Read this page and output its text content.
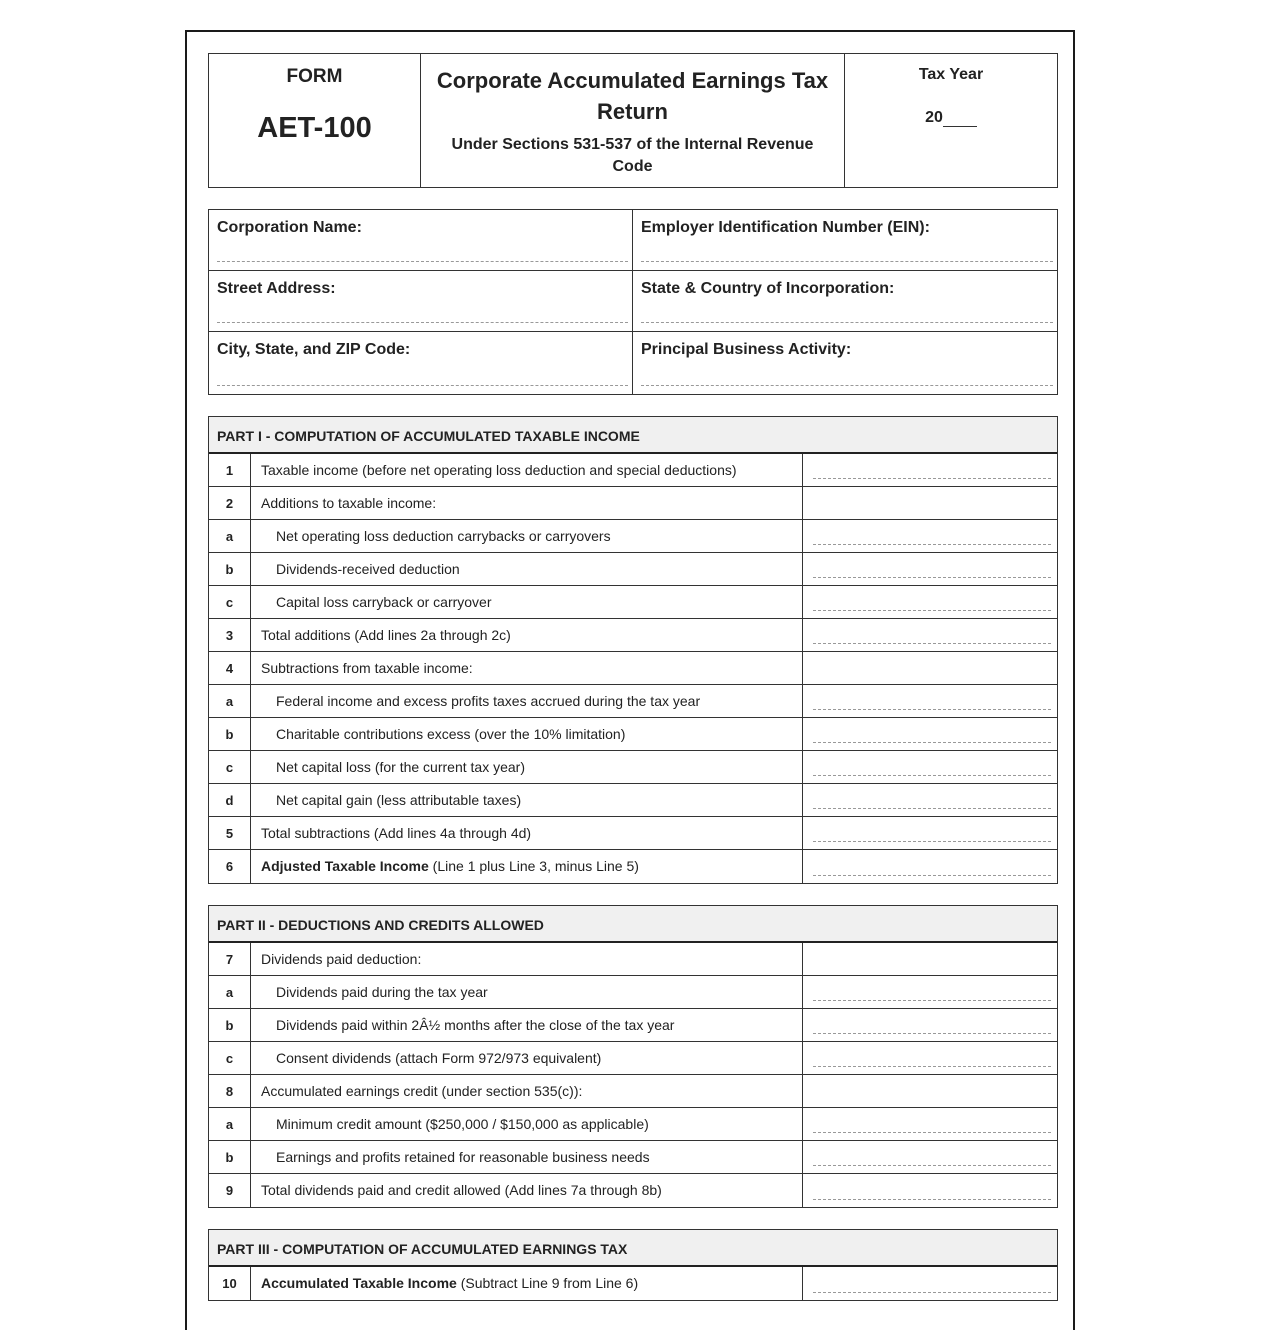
FORM
AET-100
Corporate Accumulated Earnings Tax Return
Under Sections 531-537 of the Internal Revenue Code
Tax Year
20
Corporation Name:	Employer Identification Number (EIN):
Street Address:	State & Country of Incorporation:
City, State, and ZIP Code:	Principal Business Activity:
PART I - COMPUTATION OF ACCUMULATED TAXABLE INCOME
1	Taxable income (before net operating loss deduction and special deductions)
2	Additions to taxable income:
a	Net operating loss deduction carrybacks or carryovers
b	Dividends-received deduction
c	Capital loss carryback or carryover
3	Total additions (Add lines 2a through 2c)
4	Subtractions from taxable income:
a	Federal income and excess profits taxes accrued during the tax year
b	Charitable contributions excess (over the 10% limitation)
c	Net capital loss (for the current tax year)
d	Net capital gain (less attributable taxes)
5	Total subtractions (Add lines 4a through 4d)
6	Adjusted Taxable Income (Line 1 plus Line 3, minus Line 5)
PART II - DEDUCTIONS AND CREDITS ALLOWED
7	Dividends paid deduction:
a	Dividends paid during the tax year
b	Dividends paid within 2Â½ months after the close of the tax year
c	Consent dividends (attach Form 972/973 equivalent)
8	Accumulated earnings credit (under section 535(c)):
a	Minimum credit amount ($250,000 / $150,000 as applicable)
b	Earnings and profits retained for reasonable business needs
9	Total dividends paid and credit allowed (Add lines 7a through 8b)
PART III - COMPUTATION OF ACCUMULATED EARNINGS TAX
10	Accumulated Taxable Income (Subtract Line 9 from Line 6)
